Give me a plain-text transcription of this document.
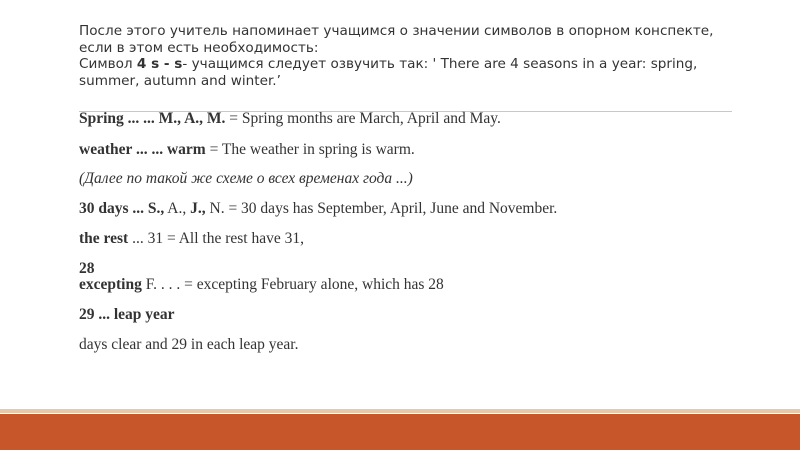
После этого учитель напоминает учащимся о значении символов в опорном конспекте,

если в этом есть необходимость:

Символ 4 s - s- учащимся следует озвучить так: ' There are 4 seasons in a year: spring,

summer, autumn and winter.’

Spring ... ... M., A., M. = Spring months are March, April and May.
weather ... ... warm = The weather in spring is warm.
(Далее по такой же схеме о всех временах года ...)
30 days ... S., A., J., N. = 30 days has September, April, June and November.
the rest ... 31 = All the rest have 31,
28
excepting F. . . . = excepting February alone, which has 28
29 ... leap year
days clear and 29 in each leap year.
